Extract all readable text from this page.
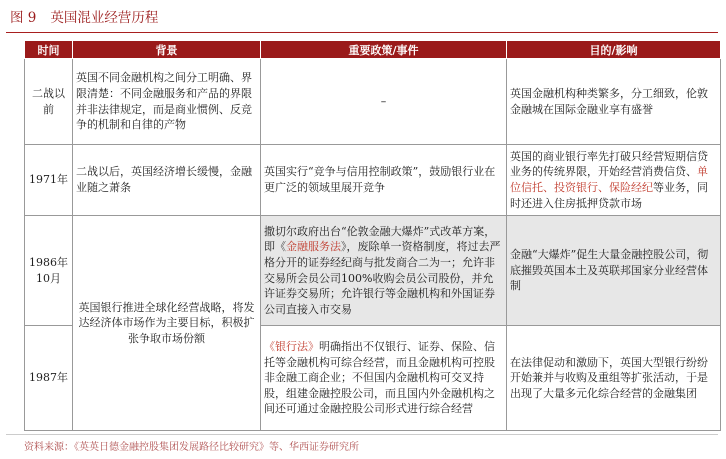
图 9 英国混业经营历程
时间	背景	重要政策/事件	目的/影响
二战以前	英国不同金融机构之间分工明确、界限清楚：不同金融服务和产品的界限并非法律规定，而是商业惯例、反竞争的机制和自律的产物	–	英国金融机构种类繁多，分工细致，伦敦金融城在国际金融业享有盛誉
1971年	二战以后，英国经济增长缓慢，金融业随之萧条	英国实行“竞争与信用控制政策”，鼓励银行业在更广泛的领域里展开竞争	英国的商业银行率先打破只经营短期信贷业务的传统界限，开始经营消费信贷、单位信托、投资银行、保险经纪等业务，同时还进入住房抵押贷款市场
1986年10月	英国银行推进全球化经营战略，将发达经济体市场作为主要目标，积极扩张争取市场份额	撒切尔政府出台“伦敦金融大爆炸”式改革方案，即《金融服务法》，废除单一资格制度，将过去严格分开的证券经纪商与批发商合二为一；允许非交易所会员公司100%收购会员公司股份，并允许证券交易所；允许银行等金融机构和外国证券公司直接入市交易	金融“大爆炸”促生大量金融控股公司，彻底摧毁英国本土及英联邦国家分业经营体制
1987年		《银行法》明确指出不仅银行、证券、保险、信托等金融机构可综合经营，而且金融机构可控股非金融工商企业；不但国内金融机构可交叉持股，组建金融控股公司，而且国内外金融机构之间还可通过金融控股公司形式进行综合经营	在法律促动和激励下，英国大型银行纷纷开始兼并与收购及重组等扩张活动，于是出现了大量多元化综合经营的金融集团
资料来源：《英英日德金融控股集团发展路径比较研究》等、华西证券研究所
